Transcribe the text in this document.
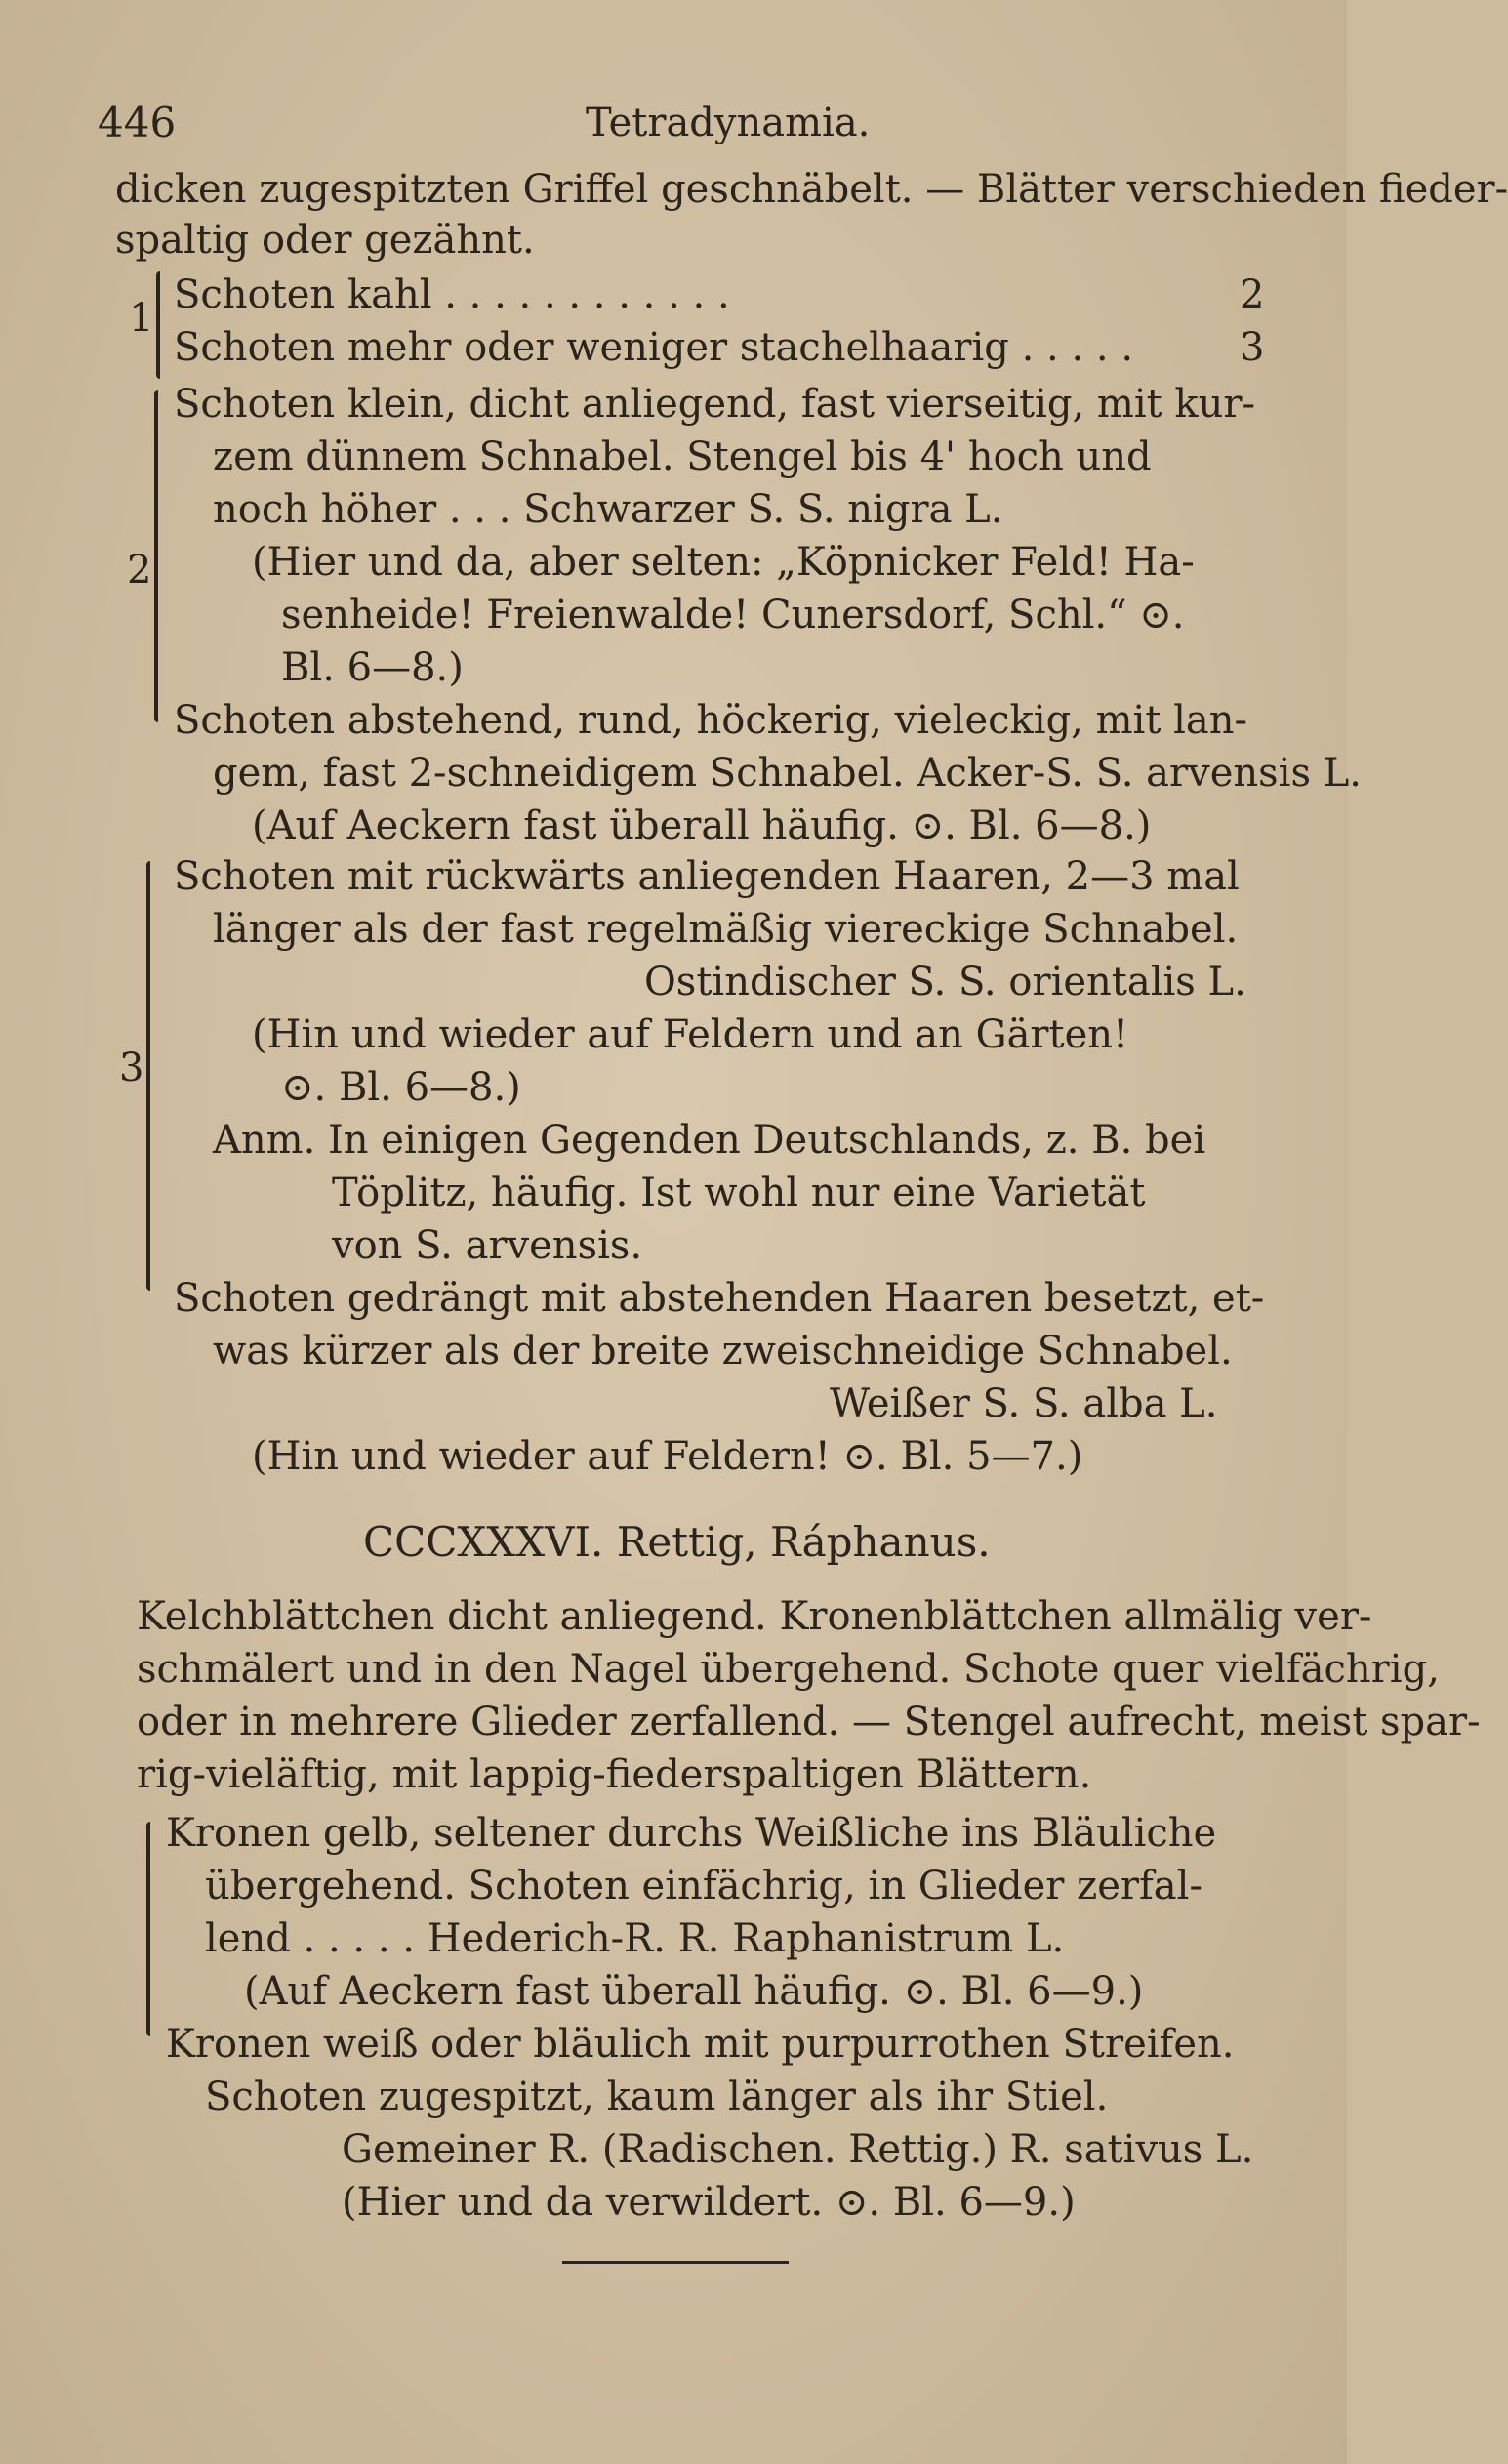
446	Tetradynamia.
dicken zugespitzten Griffel geschnäbelt. — Blätter verschieden fieder-
spaltig oder gezähnt.
1
Schoten kahl . . . . . . . . . . . .	2
Schoten mehr oder weniger stachelhaarig . . . . .	3
2
Schoten klein, dicht anliegend, fast vierseitig, mit kur-
zem dünnem Schnabel. Stengel bis 4' hoch und
noch höher . . . Schwarzer S. S. nigra L.
(Hier und da, aber selten: „Köpnicker Feld! Ha-
senheide! Freienwalde! Cunersdorf, Schl.“ ⊙.
Bl. 6—8.)
Schoten abstehend, rund, höckerig, vieleckig, mit lan-
gem, fast 2-schneidigem Schnabel. Acker-S. S. arvensis L.
(Auf Aeckern fast überall häufig. ⊙. Bl. 6—8.)
3
Schoten mit rückwärts anliegenden Haaren, 2—3 mal
länger als der fast regelmäßig viereckige Schnabel.
Ostindischer S. S. orientalis L.
(Hin und wieder auf Feldern und an Gärten!
⊙. Bl. 6—8.)
Anm. In einigen Gegenden Deutschlands, z. B. bei
Töplitz, häufig. Ist wohl nur eine Varietät
von S. arvensis.
Schoten gedrängt mit abstehenden Haaren besetzt, et-
was kürzer als der breite zweischneidige Schnabel.
Weißer S. S. alba L.
(Hin und wieder auf Feldern! ⊙. Bl. 5—7.)
CCCXXXVI. Rettig, Ráphanus.
Kelchblättchen dicht anliegend. Kronenblättchen allmälig ver-
schmälert und in den Nagel übergehend. Schote quer vielfächrig,
oder in mehrere Glieder zerfallend. — Stengel aufrecht, meist spar-
rig-vieläftig, mit lappig-fiederspaltigen Blättern.
Kronen gelb, seltener durchs Weißliche ins Bläuliche
übergehend. Schoten einfächrig, in Glieder zerfal-
lend . . . . . Hederich-R. R. Raphanistrum L.
(Auf Aeckern fast überall häufig. ⊙. Bl. 6—9.)
Kronen weiß oder bläulich mit purpurrothen Streifen.
Schoten zugespitzt, kaum länger als ihr Stiel.
Gemeiner R. (Radischen. Rettig.) R. sativus L.
(Hier und da verwildert. ⊙. Bl. 6—9.)
